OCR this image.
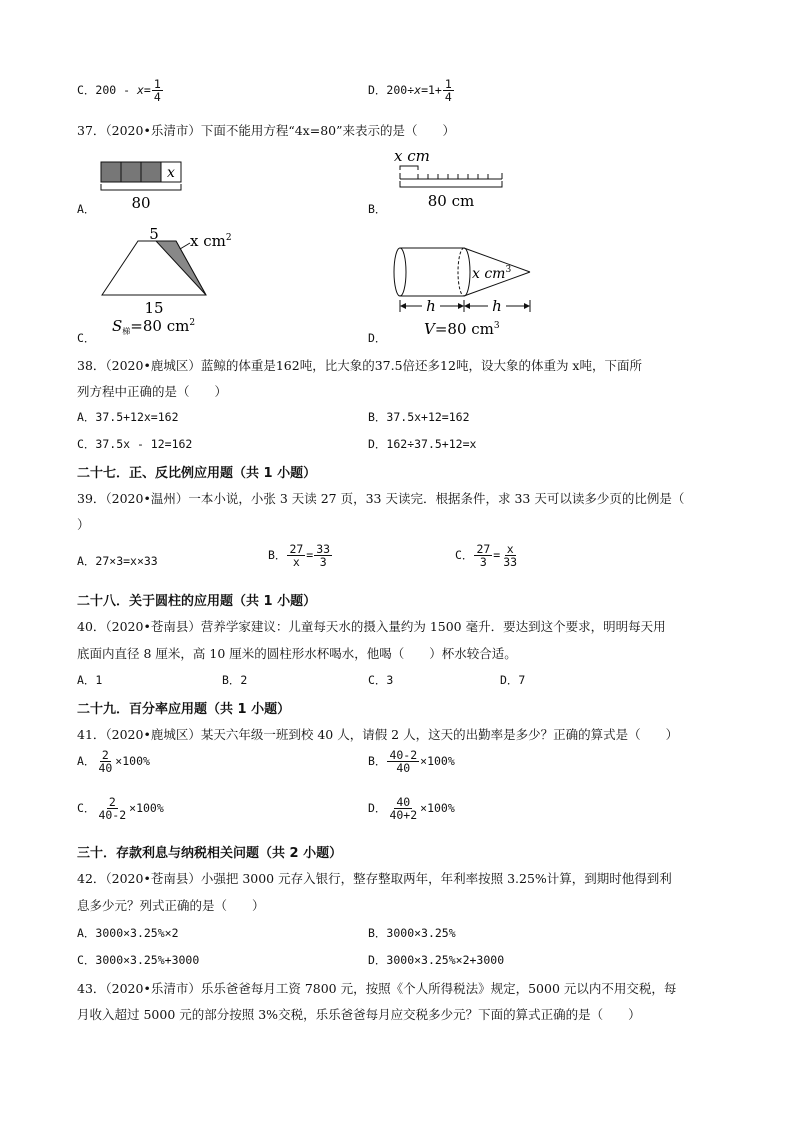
C．$200 - x= \frac{1}{4}$	D．$200\div x=1+ \frac{1}{4}$
37．（2020•乐清市）下面不能用方程“4x=80”来表示的是（　　）
A．
x
80	B．
x cm
80 cm
C．
5 x $cm^2$
15
$S_梯=80$ $cm^2$
D．
x $cm^3$
h	h
V=80 $cm^3$
38．（2020•鹿城区）蓝鲸的体重是162吨，比大象的37.5倍还多12吨，设大象的体重为 x吨，下面所
列方程中正确的是（　　）
A．37.5+12x=162	B．37.5x+12=162
C．37.5x - 12=162	D．162÷37.5+12=x
二十七．正、反比例应用题（共 1 小题）
39．（2020•温州）一本小说，小张 3 天读 27 页，33 天读完．根据条件，求 33 天可以读多少页的比例是（
）
A．27×3=x×33	B． $\frac{27}{x} = \frac{33}{3}$	C． $\frac{27}{3} = \frac{x}{33}$
二十八．关于圆柱的应用题（共 1 小题）
40．（2020•苍南县）营养学家建议：儿童每天水的摄入量约为 1500 毫升．要达到这个要求，明明每天用
底面内直径 8 厘米，高 10 厘米的圆柱形水杯喝水，他喝（　　）杯水较合适。
A．1	B．2	C．3	D．7
二十九．百分率应用题（共 1 小题）
41．（2020•鹿城区）某天六年级一班到校 40 人，请假 2 人，这天的出勤率是多少？正确的算式是（　　）
A． $\frac{2}{40} \times 100\%$	B． $\frac{40-2}{40} \times 100\%$
C． $\frac{2}{40-2} \times 100\%$	D． $\frac{40}{40+2} \times 100\%$
三十．存款利息与纳税相关问题（共 2 小题）
42．（2020•苍南县）小强把 3000 元存入银行，整存整取两年，年利率按照 3.25%计算，到期时他得到利
息多少元？列式正确的是（　　）
A．3000×3.25%×2	B．3000×3.25%
C．3000×3.25%+3000	D．3000×3.25%×2+3000
43．（2020•乐清市）乐乐爸爸每月工资 7800 元，按照《个人所得税法》规定，5000 元以内不用交税，每
月收入超过 5000 元的部分按照 3%交税，乐乐爸爸每月应交税多少元？下面的算式正确的是（　　）
